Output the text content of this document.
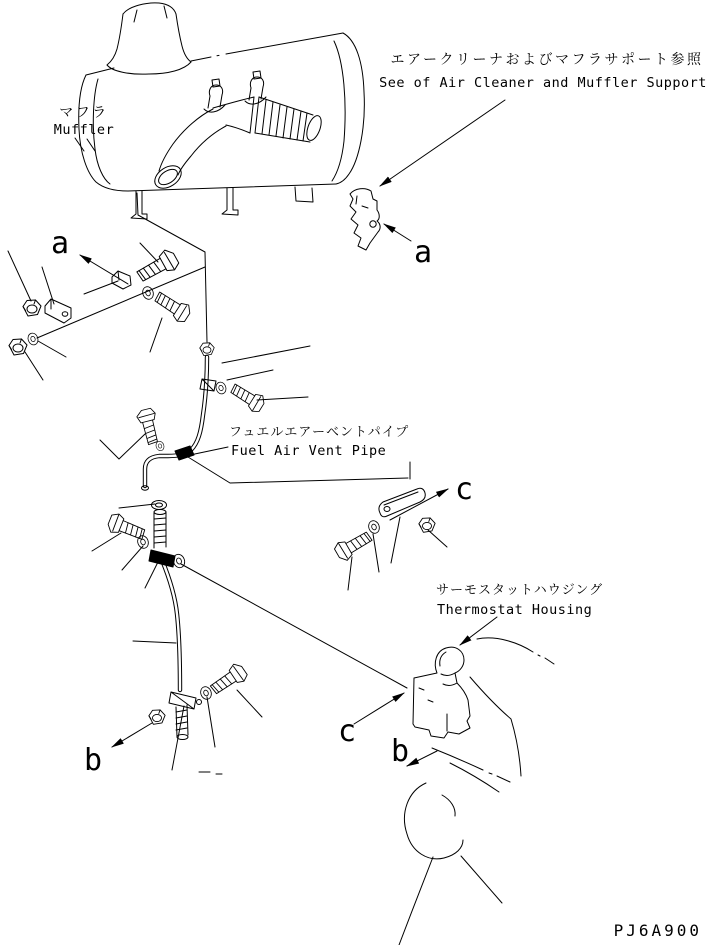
エアークリーナおよびマフラサポート参照
See of Air Cleaner and Muffler Support
マフラ
Muffler
フュエルエアーベントパイプ
Fuel Air Vent Pipe
サーモスタットハウジング
Thermostat Housing
a	a
b	b
c
c
PJ6A900
